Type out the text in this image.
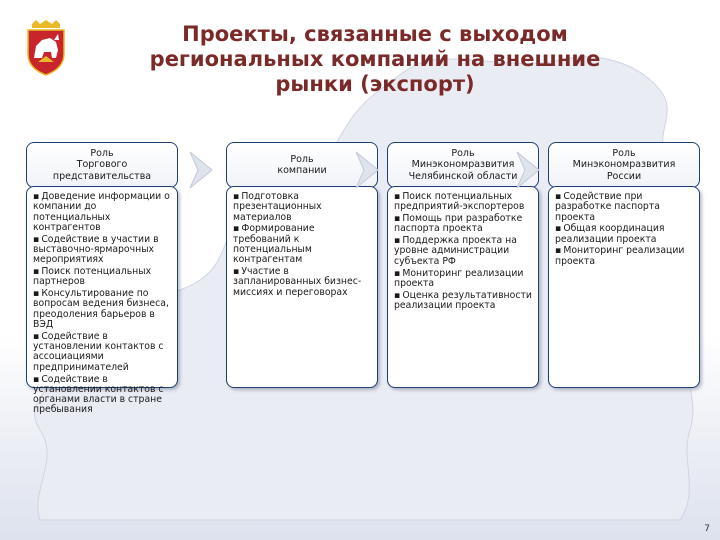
Проекты, связанные с выходом региональных компаний на внешние рынки (экспорт)
Роль
Торгового представительства
▪ Доведение информации о компании до потенциальных контрагентов
▪ Содействие в участии в выставочно-ярмарочных мероприятиях
▪ Поиск потенциальных партнеров
▪ Консультирование по вопросам ведения бизнеса, преодоления барьеров в ВЭД
▪ Содействие в установлении контактов с ассоциациями предпринимателей
▪ Содействие в установлении контактов с органами власти в стране пребывания
Роль
компании
▪ Подготовка презентационных материалов
▪ Формирование требований к потенциальным контрагентам
▪ Участие в запланированных бизнес-миссиях и переговорах
Роль
Минэкономразвития
Челябинской области
▪ Поиск потенциальных предприятий-экспортеров
▪ Помощь при разработке паспорта проекта
▪ Поддержка проекта на уровне администрации субъекта РФ
▪ Мониторинг реализации проекта
▪ Оценка результативности реализации проекта
Роль
Минэкономразвития
России
▪ Содействие при разработке паспорта проекта
▪ Общая координация реализации проекта
▪ Мониторинг реализации проекта
7
